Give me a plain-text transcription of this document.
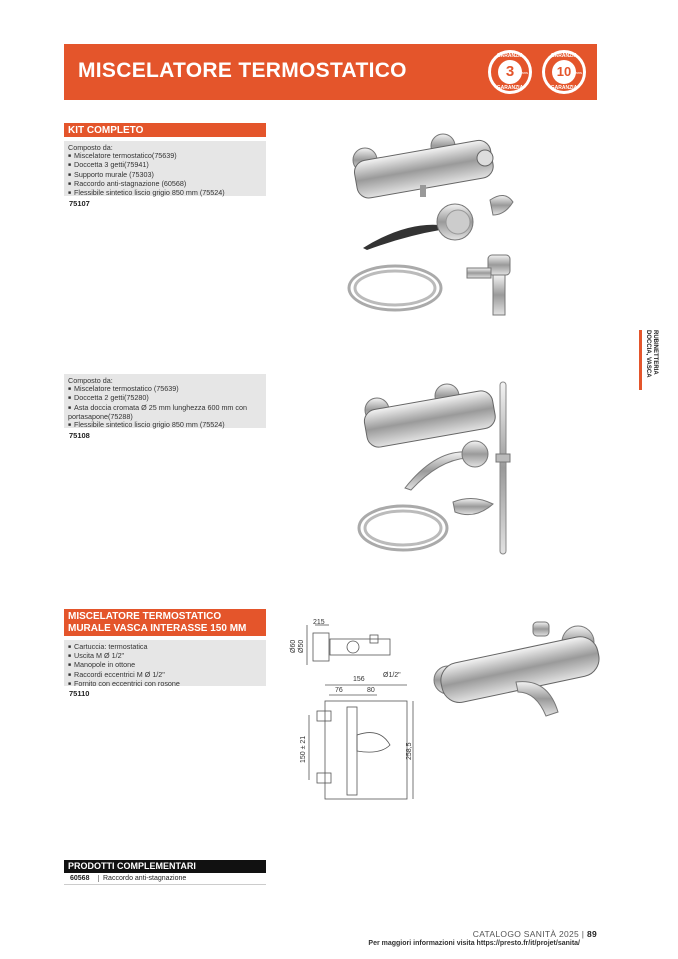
MISCELATORE TERMOSTATICO
GARANZIA
3	ans
GARANZIA
GARANZIA
10	ans
GARANZIA
RUBINETTERIA
DOCCIA, VASCA
KIT COMPLETO
Composto da:
■ Miscelatore termostatico(75639)
■ Doccetta 3 getti(75941)
■ Supporto murale (75303)
■ Raccordo anti-stagnazione (60568)
■ Flessibile sintetico liscio grigio 850 mm (75524)
75107
Composto da:
■ Miscelatore termostatico (75639)
■ Doccetta 2 getti(75280)
■ Asta doccia cromata Ø 25 mm lunghezza 600 mm con portasapone(75288)
■ Flessibile sintetico liscio grigio 850 mm (75524)
75108
MISCELATORE TERMOSTATICO MURALE VASCA INTERASSE 150 MM
■ Cartuccia: termostatica
■ Uscita M Ø 1/2"
■ Manopole in ottone
■ Raccordi eccentrici M Ø 1/2"
■ Fornito con eccentrici con rosone
75110
215
Ø60 Ø50
Ø1/2"
156
76	80
150 ± 21	258,5
PRODOTTI COMPLEMENTARI
60568 Raccordo anti-stagnazione
CATALOGO SANITÀ 2025 | 89
Per maggiori informazioni visita https://presto.fr/it/projet/sanita/
